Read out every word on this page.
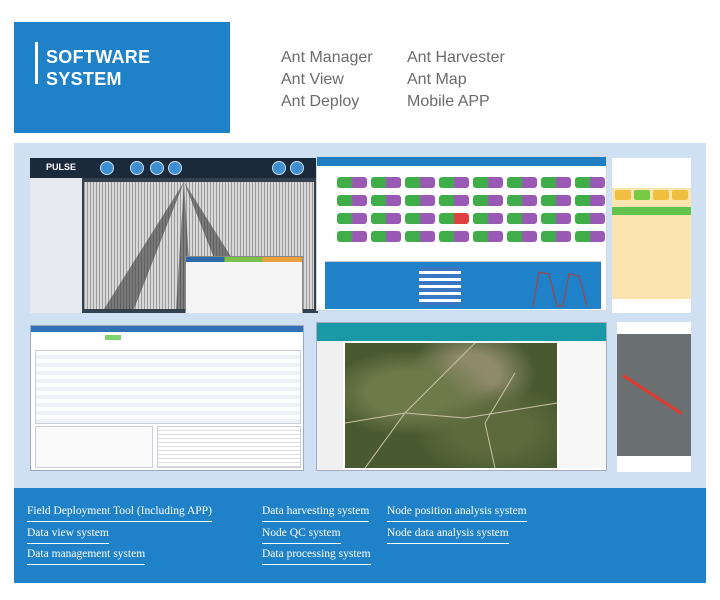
SOFTWARE
SYSTEM
Ant Manager	Ant Harvester
Ant View	Ant Map
Ant Deploy	Mobile APP
PULSE
Field Deployment Tool (Including APP)
Data view system
Data management system
Data harvesting system
Node QC system
Data processing system
Node position analysis system
Node data analysis system
